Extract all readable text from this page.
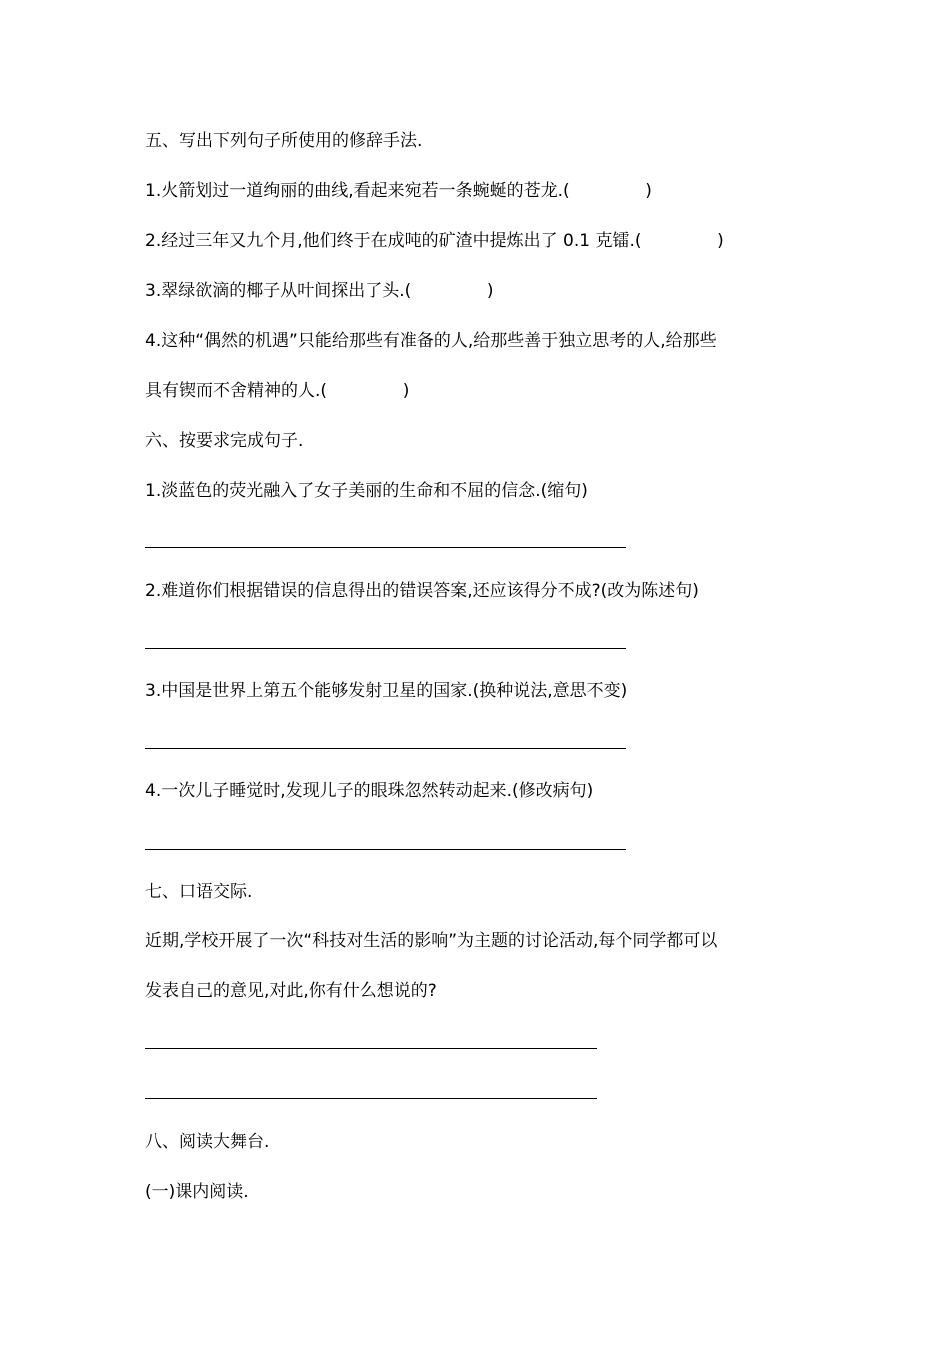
五、写出下列句子所使用的修辞手法.
1.火箭划过一道绚丽的曲线,看起来宛若一条蜿蜒的苍龙.(              )
2.经过三年又九个月,他们终于在成吨的矿渣中提炼出了 0.1 克镭.(              )
3.翠绿欲滴的椰子从叶间探出了头.(              )
4.这种“偶然的机遇”只能给那些有准备的人,给那些善于独立思考的人,给那些
具有锲而不舍精神的人.(              )
六、按要求完成句子.
1.淡蓝色的荧光融入了女子美丽的生命和不屈的信念.(缩句)
2.难道你们根据错误的信息得出的错误答案,还应该得分不成?(改为陈述句)
3.中国是世界上第五个能够发射卫星的国家.(换种说法,意思不变)
4.一次儿子睡觉时,发现儿子的眼珠忽然转动起来.(修改病句)
七、口语交际.
近期,学校开展了一次“科技对生活的影响”为主题的讨论活动,每个同学都可以
发表自己的意见,对此,你有什么想说的?
八、阅读大舞台.
(一)课内阅读.
